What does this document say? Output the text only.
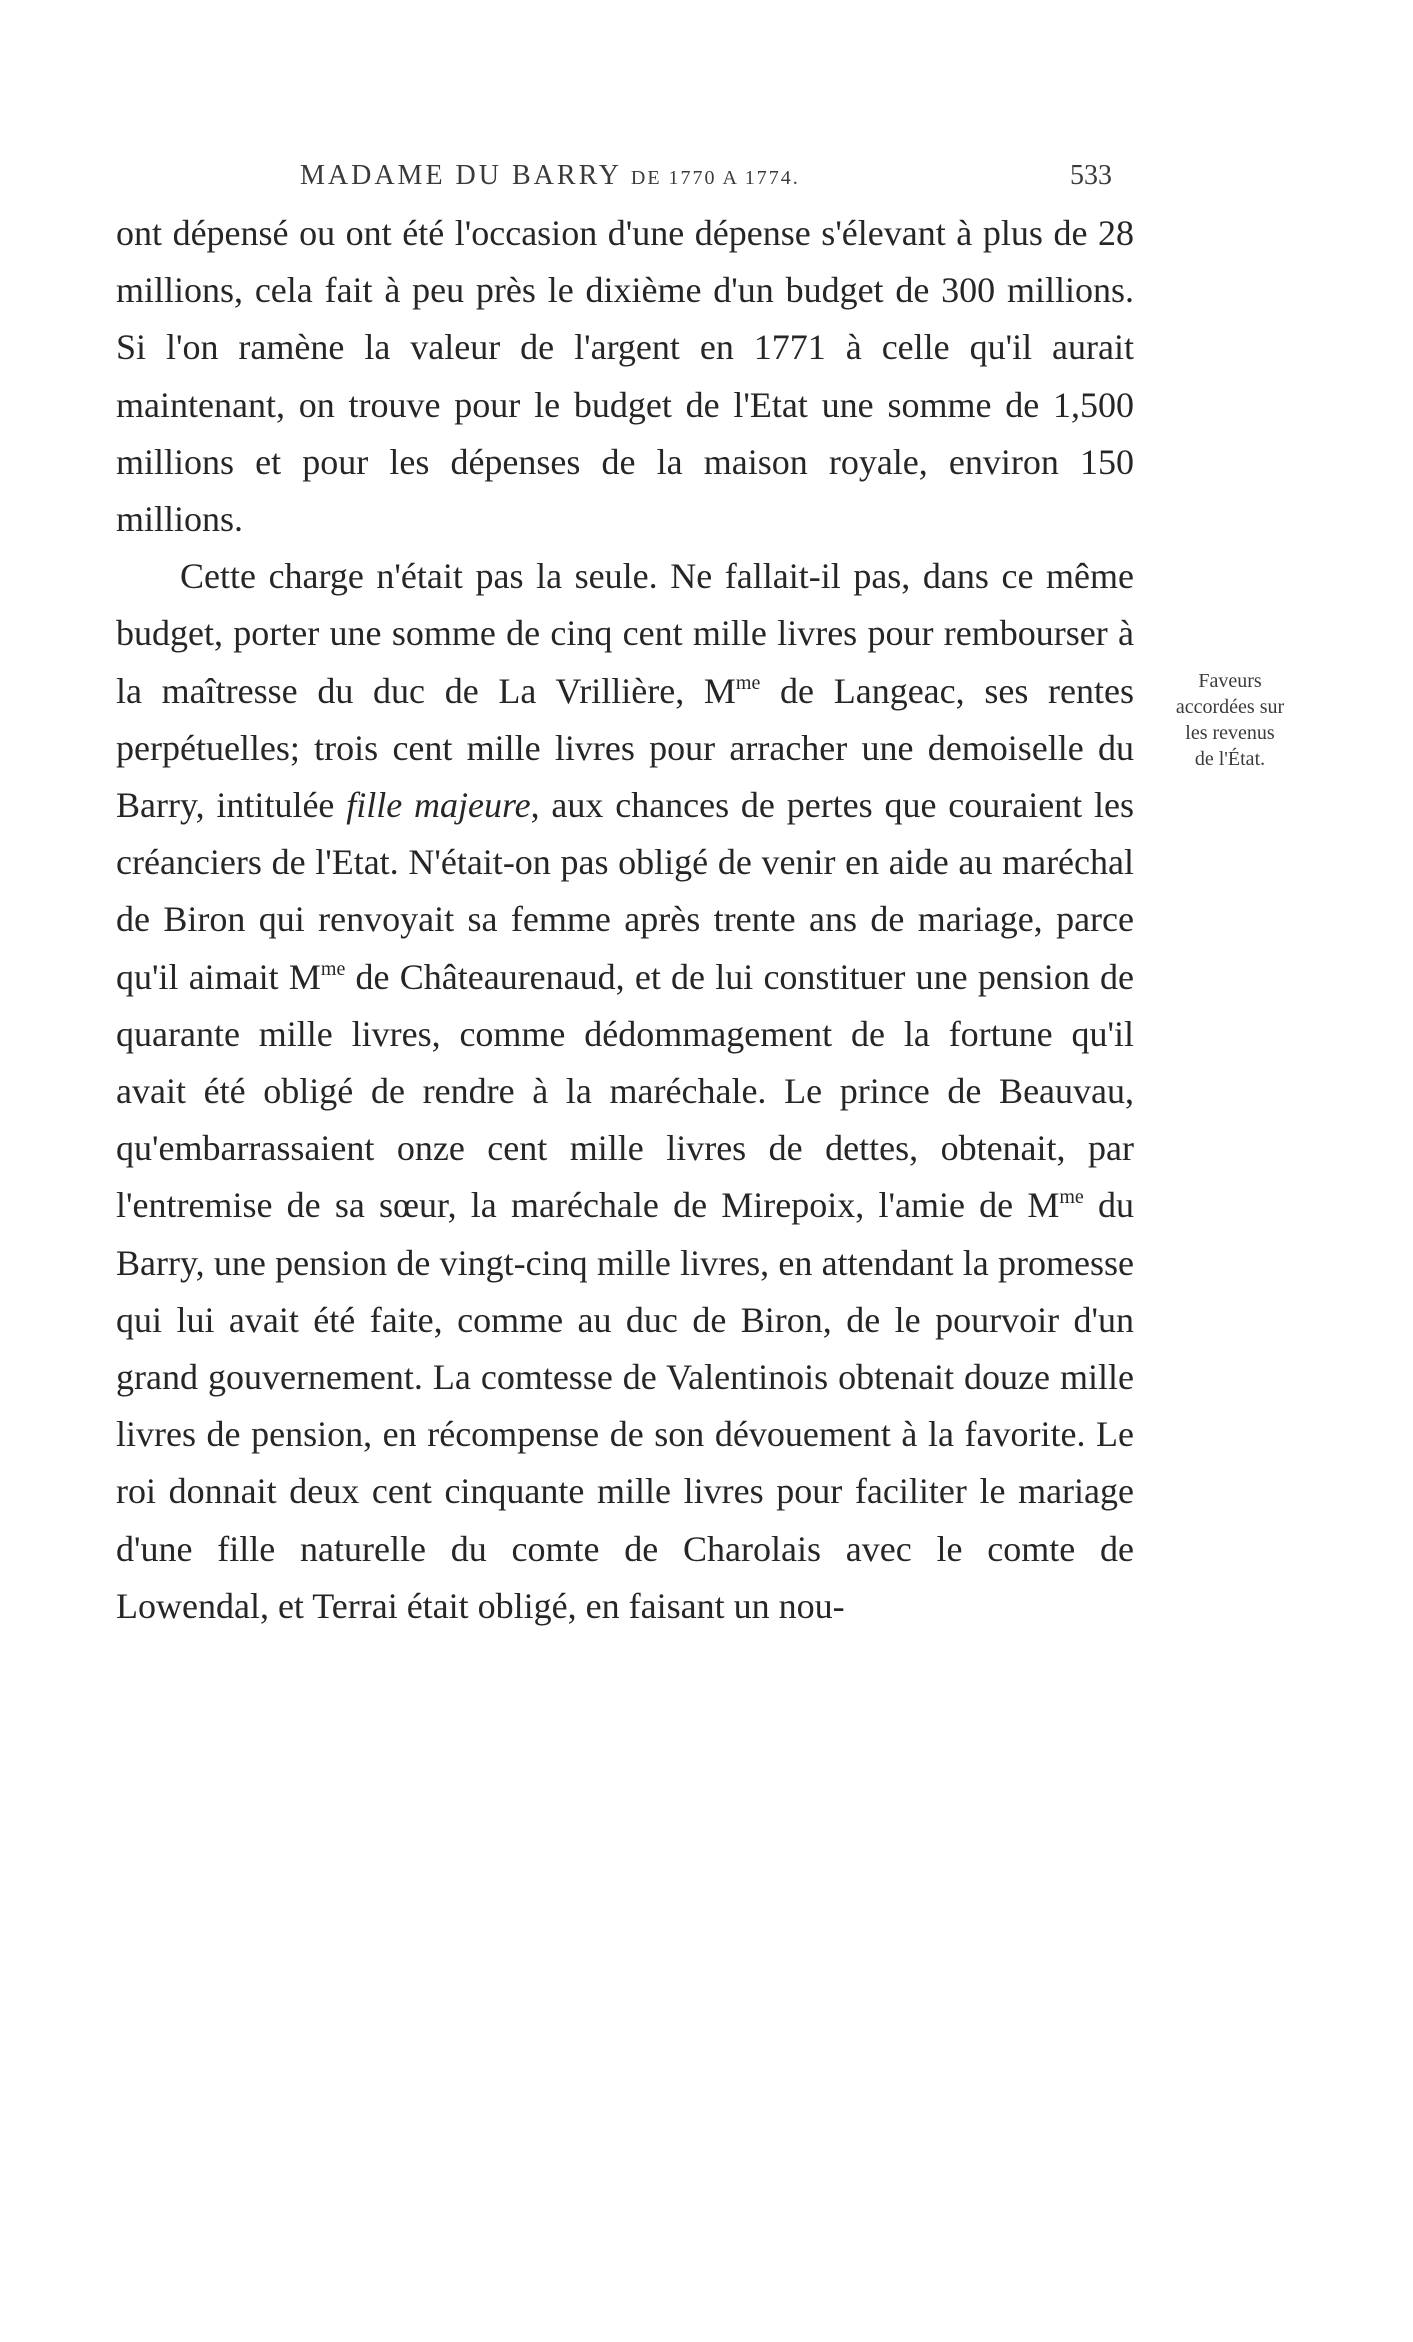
MADAME DU BARRY DE 1770 A 1774.	533

ont dépensé ou ont été l'occasion d'une dépense s'élevant à plus de 28 millions, cela fait à peu près le dixième d'un budget de 300 millions. Si l'on ramène la valeur de l'argent en 1771 à celle qu'il aurait maintenant, on trouve pour le budget de l'Etat une somme de 1,500 millions et pour les dépenses de la maison royale, environ 150 millions.

Cette charge n'était pas la seule. Ne fallait-il pas, dans ce même budget, porter une somme de cinq cent mille livres pour rembourser à la maîtresse du duc de La Vrillière, $M^{me}$ de Langeac, ses rentes perpétuelles; trois cent mille livres pour arracher une demoiselle du Barry, intitulée fille majeure, aux chances de pertes que couraient les créanciers de l'Etat. N'était-on pas obligé de venir en aide au maréchal de Biron qui renvoyait sa femme après trente ans de mariage, parce qu'il aimait $M^{me}$ de Châteaurenaud, et de lui constituer une pension de quarante mille livres, comme dédommagement de la fortune qu'il avait été obligé de rendre à la maréchale. Le prince de Beauvau, qu'embarrassaient onze cent mille livres de dettes, obtenait, par l'entremise de sa sœur, la maréchale de Mirepoix, l'amie de $M^{me}$ du Barry, une pension de vingt-cinq mille livres, en attendant la promesse qui lui avait été faite, comme au duc de Biron, de le pourvoir d'un grand gouvernement. La comtesse de Valentinois obtenait douze mille livres de pension, en récompense de son dévouement à la favorite. Le roi donnait deux cent cinquante mille livres pour faciliter le mariage d'une fille naturelle du comte de Charolais avec le comte de Lowendal, et Terrai était obligé, en faisant un nou-

Faveurs
accordées sur
les revenus
de l'État.
